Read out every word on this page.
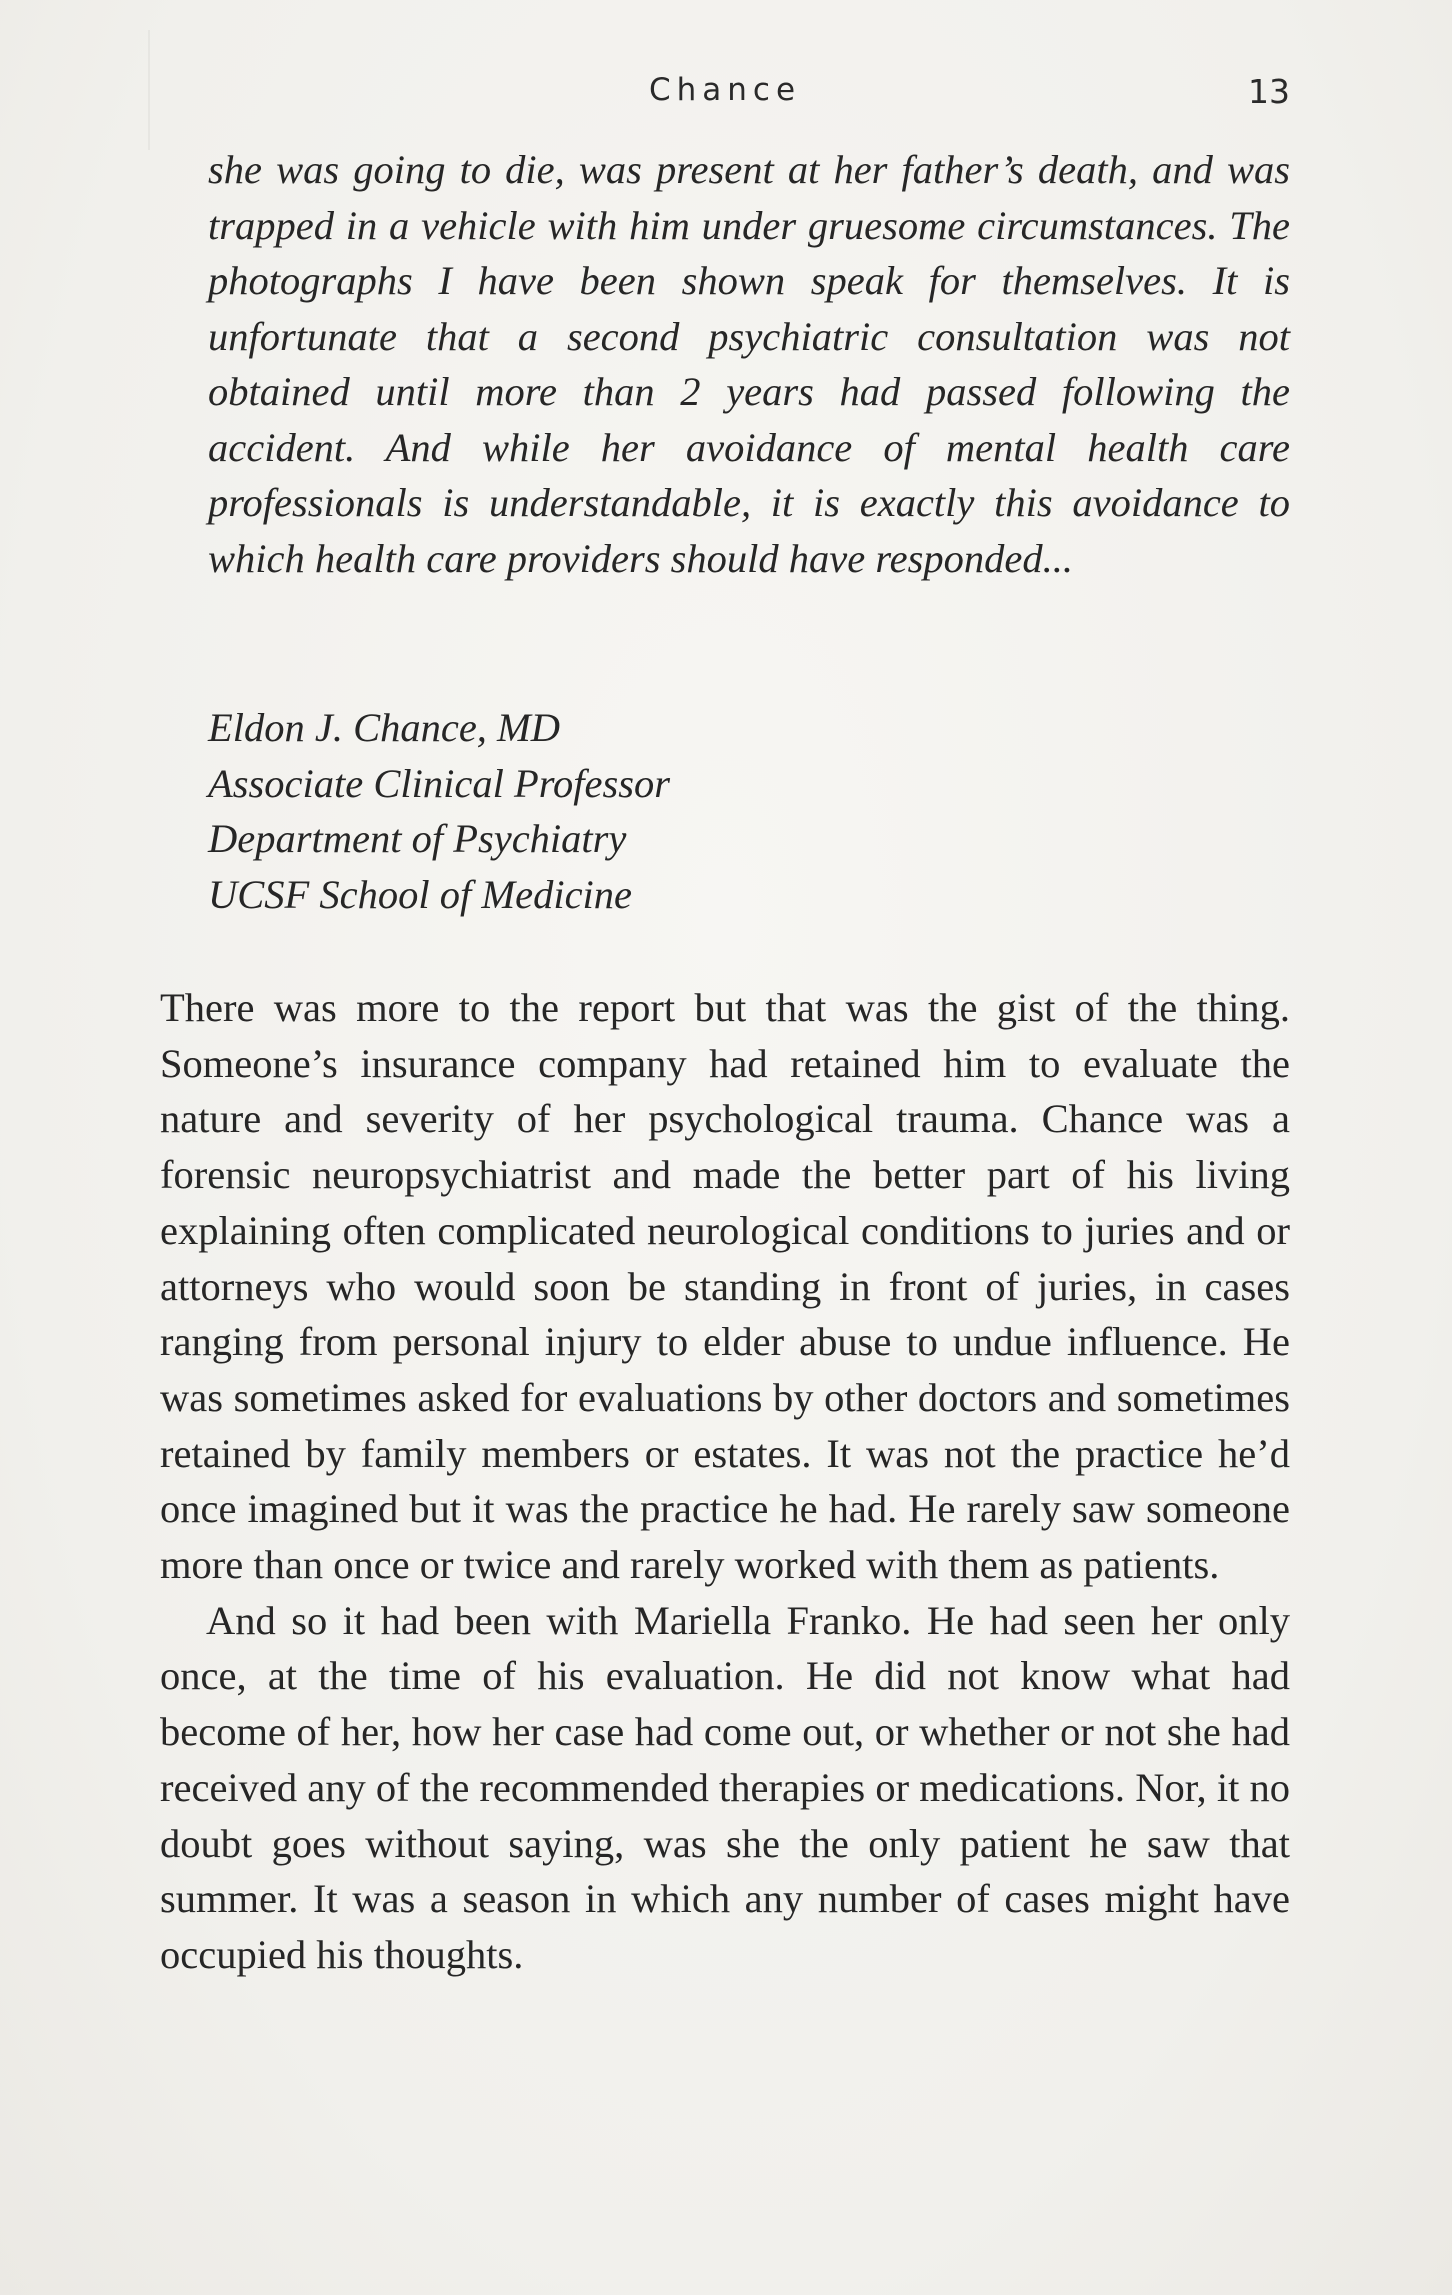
Chance	13

she was going to die, was present at her father’s death, and was trapped in a vehicle with him under gruesome circumstances. The photographs I have been shown speak for themselves. It is unfortunate that a second psychiatric consultation was not obtained until more than 2 years had passed following the accident. And while her avoidance of mental health care professionals is understandable, it is exactly this avoidance to which health care providers should have responded...

Eldon J. Chance, MD
Associate Clinical Professor
Department of Psychiatry
UCSF School of Medicine

There was more to the report but that was the gist of the thing. Someone’s insurance company had retained him to evaluate the nature and severity of her psychological trauma. Chance was a forensic neuropsychiatrist and made the better part of his living explaining often complicated neurological conditions to juries and or attorneys who would soon be standing in front of juries, in cases ranging from personal injury to elder abuse to undue influence. He was sometimes asked for evaluations by other doctors and sometimes retained by family members or estates. It was not the practice he’d once imagined but it was the practice he had. He rarely saw someone more than once or twice and rarely worked with them as patients.

And so it had been with Mariella Franko. He had seen her only once, at the time of his evaluation. He did not know what had become of her, how her case had come out, or whether or not she had received any of the recommended therapies or medications. Nor, it no doubt goes without saying, was she the only patient he saw that summer. It was a season in which any number of cases might have occupied his thoughts.
